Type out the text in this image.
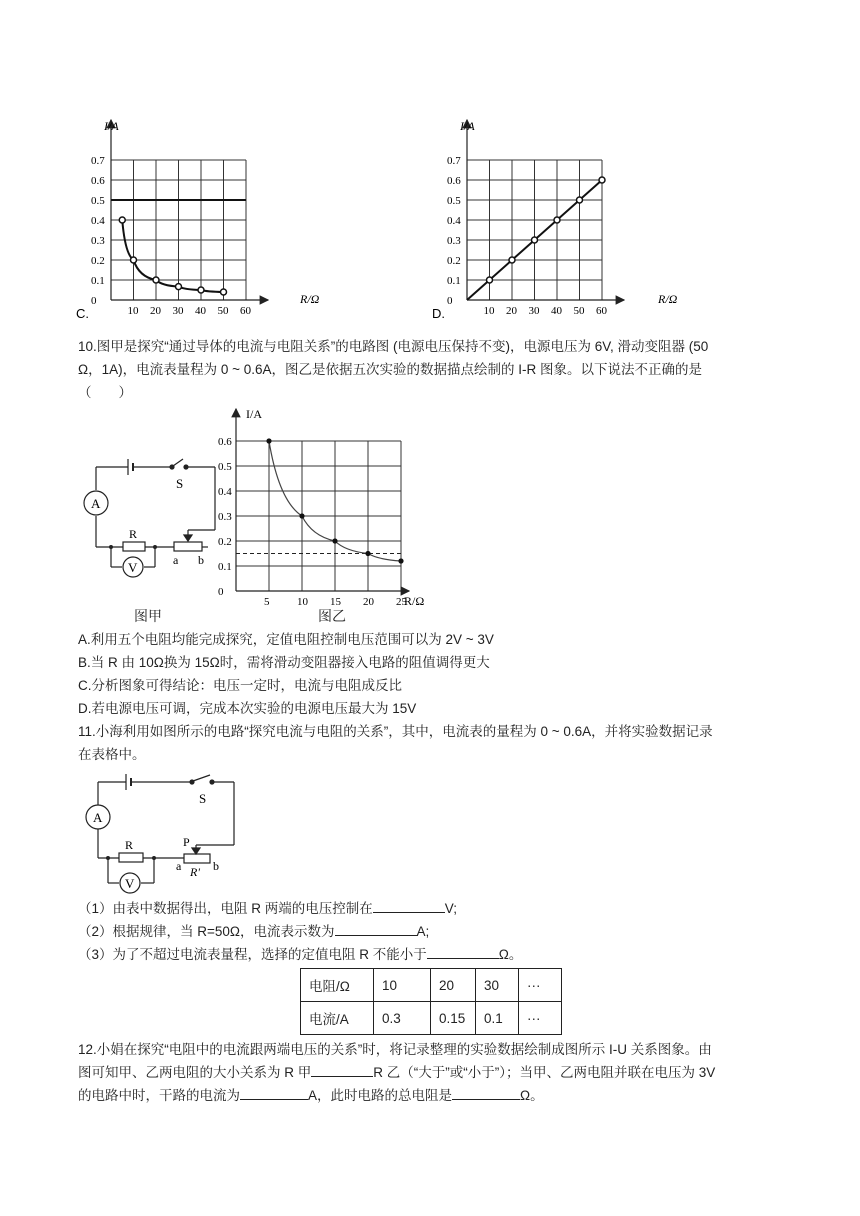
0.7
0.6
0.5
0.4
0.3
0.2
0.1
0
10 20 30 40 50 60
I/A
R/Ω
C.
0.7
0.6
0.5
0.4
0.3
0.2
0.1
0
10 20 30 40 50 60
I/A
R/Ω
D.
10.图甲是探究“通过导体的电流与电阻关系”的电路图 (电源电压保持不变)，电源电压为 6V, 滑动变阻器 (50
Ω，1A)，电流表量程为 0 ~ 0.6A，图乙是依据五次实验的数据描点绘制的 I-R 图象。以下说法不正确的是
（　　）
S
A
R
V	a b
图甲
0.6
0.5
0.4
0.3
0.2
0.1
0
5	10 15 20 25
I/A
R/Ω
图乙
A.利用五个电阻均能完成探究，定值电阻控制电压范围可以为 2V ~ 3V
B.当 R 由 10Ω换为 15Ω时，需将滑动变阻器接入电路的阻值调得更大
C.分析图象可得结论：电压一定时，电流与电阻成反比
D.若电源电压可调，完成本次实验的电源电压最大为 15V
11.小海利用如图所示的电路“探究电流与电阻的关系”，其中，电流表的量程为 0 ~ 0.6A，并将实验数据记录
在表格中。
S
A
R
V
P
a	b
R'
（1）由表中数据得出，电阻 R 两端的电压控制在	V;
（2）根据规律，当 R=50Ω，电流表示数为	A;
（3）为了不超过电流表量程，选择的定值电阻 R 不能小于	Ω。
电阻/Ω	10	20	30	···
电流/A	0.3	0.15	0.1	···
12.小娟在探究“电阻中的电流跟两端电压的关系”时，将记录整理的实验数据绘制成图所示 I-U 关系图象。由
图可知甲、乙两电阻的大小关系为 R 甲	R 乙（“大于”或“小于”）；当甲、乙两电阻并联在电压为 3V
的电路中时，干路的电流为	A，此时电路的总电阻是	Ω。
